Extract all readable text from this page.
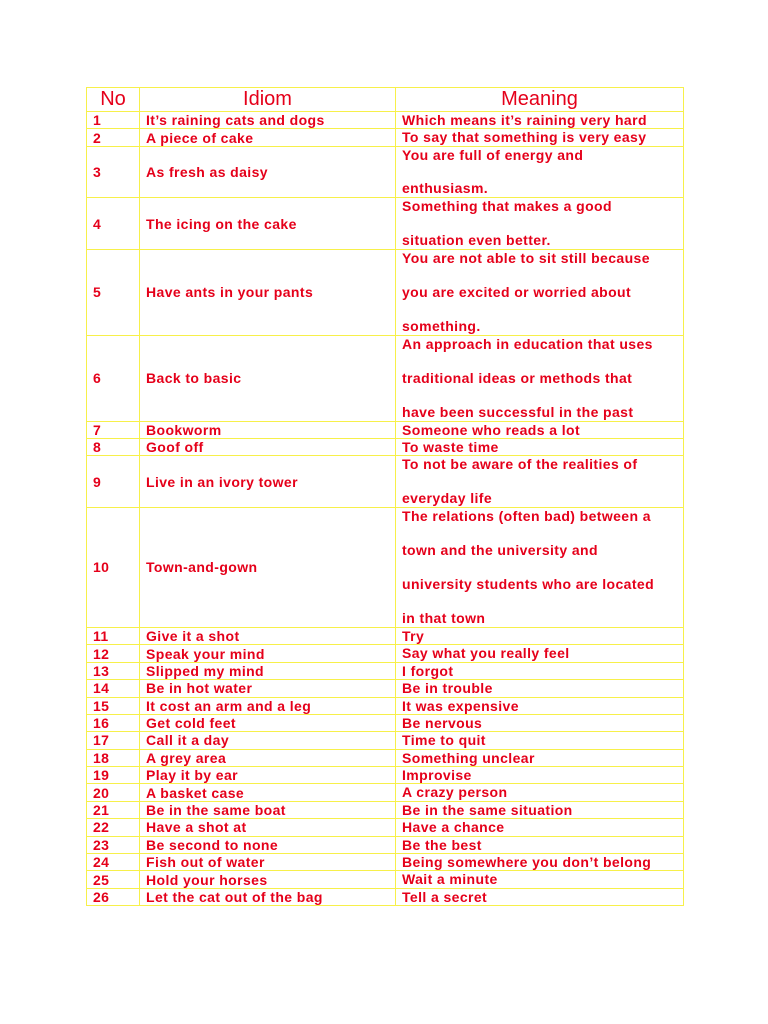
No	Idiom	Meaning
1	It’s raining cats and dogs	Which means it’s raining very hard

2	A piece of cake	To say that something is very easy

3	As fresh as daisy	You are full of energy and
enthusiasm.

4	The icing on the cake	Something that makes a good
situation even better.

5	Have ants in your pants	You are not able to sit still because
you are excited or worried about
something.

6	Back to basic	An approach in education that uses
traditional ideas or methods that
have been successful in the past

7	Bookworm	Someone who reads a lot

8	Goof off	To waste time

9	Live in an ivory tower	To not be aware of the realities of
everyday life

10	Town-and-gown	The relations (often bad) between a
town and the university and
university students who are located
in that town

11	Give it a shot	Try

12	Speak your mind	Say what you really feel

13	Slipped my mind	I forgot

14	Be in hot water	Be in trouble

15	It cost an arm and a leg	It was expensive

16	Get cold feet	Be nervous

17	Call it a day	Time to quit

18	A grey area	Something unclear

19	Play it by ear	Improvise

20	A basket case	A crazy person

21	Be in the same boat	Be in the same situation

22	Have a shot at	Have a chance

23	Be second to none	Be the best

24	Fish out of water	Being somewhere you don’t belong

25	Hold your horses	Wait a minute

26	Let the cat out of the bag	Tell a secret
